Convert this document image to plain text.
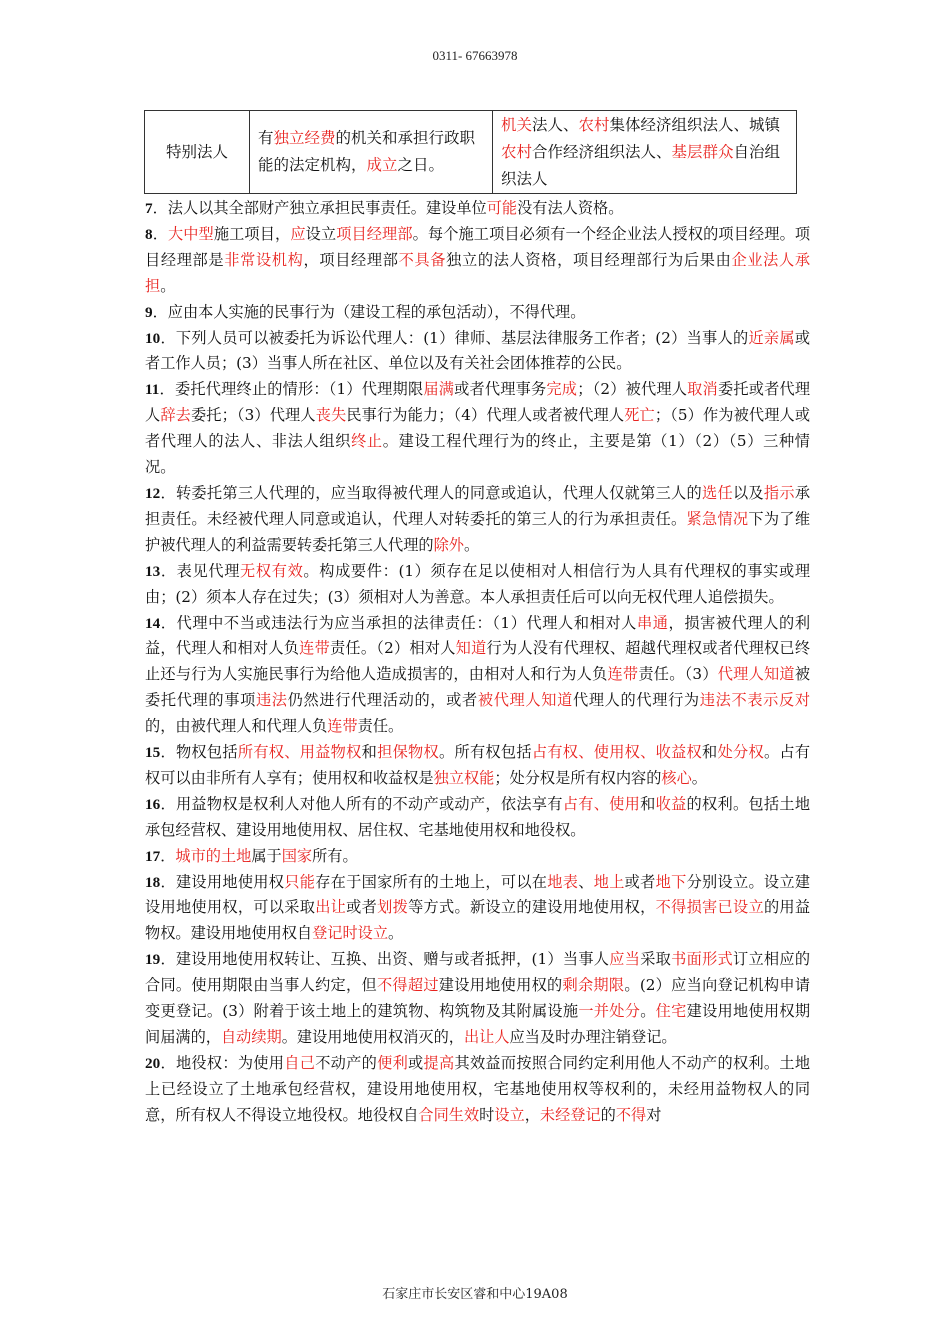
0311- 67663978
特别法人	有独立经费的机关和承担行政职能的法定机构，成立之日。	机关法人、农村集体经济组织法人、城镇农村合作经济组织法人、基层群众自治组织法人

7．法人以其全部财产独立承担民事责任。建设单位可能没有法人资格。

8．大中型施工项目，应设立项目经理部。每个施工项目必须有一个经企业法人授权的项目经理。项目经理部是非常设机构，项目经理部不具备独立的法人资格，项目经理部行为后果由企业法人承担。

9．应由本人实施的民事行为（建设工程的承包活动），不得代理。

10．下列人员可以被委托为诉讼代理人：(1）律师、基层法律服务工作者；(2）当事人的近亲属或者工作人员；(3）当事人所在社区、单位以及有关社会团体推荐的公民。

11．委托代理终止的情形：（1）代理期限届满或者代理事务完成；（2）被代理人取消委托或者代理人辞去委托；（3）代理人丧失民事行为能力；（4）代理人或者被代理人死亡；（5）作为被代理人或者代理人的法人、非法人组织终止。建设工程代理行为的终止，主要是第（1）（2）（5）三种情况。

12．转委托第三人代理的，应当取得被代理人的同意或追认，代理人仅就第三人的选任以及指示承担责任。未经被代理人同意或追认，代理人对转委托的第三人的行为承担责任。紧急情况下为了维护被代理人的利益需要转委托第三人代理的除外。

13．表见代理无权有效。构成要件：(1）须存在足以使相对人相信行为人具有代理权的事实或理由；(2）须本人存在过失；(3）须相对人为善意。本人承担责任后可以向无权代理人追偿损失。

14．代理中不当或违法行为应当承担的法律责任：（1）代理人和相对人串通，损害被代理人的利益，代理人和相对人负连带责任。（2）相对人知道行为人没有代理权、超越代理权或者代理权已终止还与行为人实施民事行为给他人造成损害的，由相对人和行为人负连带责任。（3）代理人知道被委托代理的事项违法仍然进行代理活动的，或者被代理人知道代理人的代理行为违法不表示反对的，由被代理人和代理人负连带责任。

15．物权包括所有权、用益物权和担保物权。所有权包括占有权、使用权、收益权和处分权。占有权可以由非所有人享有；使用权和收益权是独立权能；处分权是所有权内容的核心。

16．用益物权是权利人对他人所有的不动产或动产，依法享有占有、使用和收益的权利。包括土地承包经营权、建设用地使用权、居住权、宅基地使用权和地役权。

17．城市的土地属于国家所有。

18．建设用地使用权只能存在于国家所有的土地上，可以在地表、地上或者地下分别设立。设立建设用地使用权，可以采取出让或者划拨等方式。新设立的建设用地使用权，不得损害已设立的用益物权。建设用地使用权自登记时设立。

19．建设用地使用权转让、互换、出资、赠与或者抵押，(1）当事人应当采取书面形式订立相应的合同。使用期限由当事人约定，但不得超过建设用地使用权的剩余期限。(2）应当向登记机构申请变更登记。(3）附着于该土地上的建筑物、构筑物及其附属设施一并处分。住宅建设用地使用权期间届满的，自动续期。建设用地使用权消灭的，出让人应当及时办理注销登记。

20．地役权：为使用自己不动产的便利或提高其效益而按照合同约定利用他人不动产的权利。土地上已经设立了土地承包经营权，建设用地使用权，宅基地使用权等权利的，未经用益物权人的同意，所有权人不得设立地役权。地役权自合同生效时设立，未经登记的不得对

石家庄市长安区睿和中心19A08
